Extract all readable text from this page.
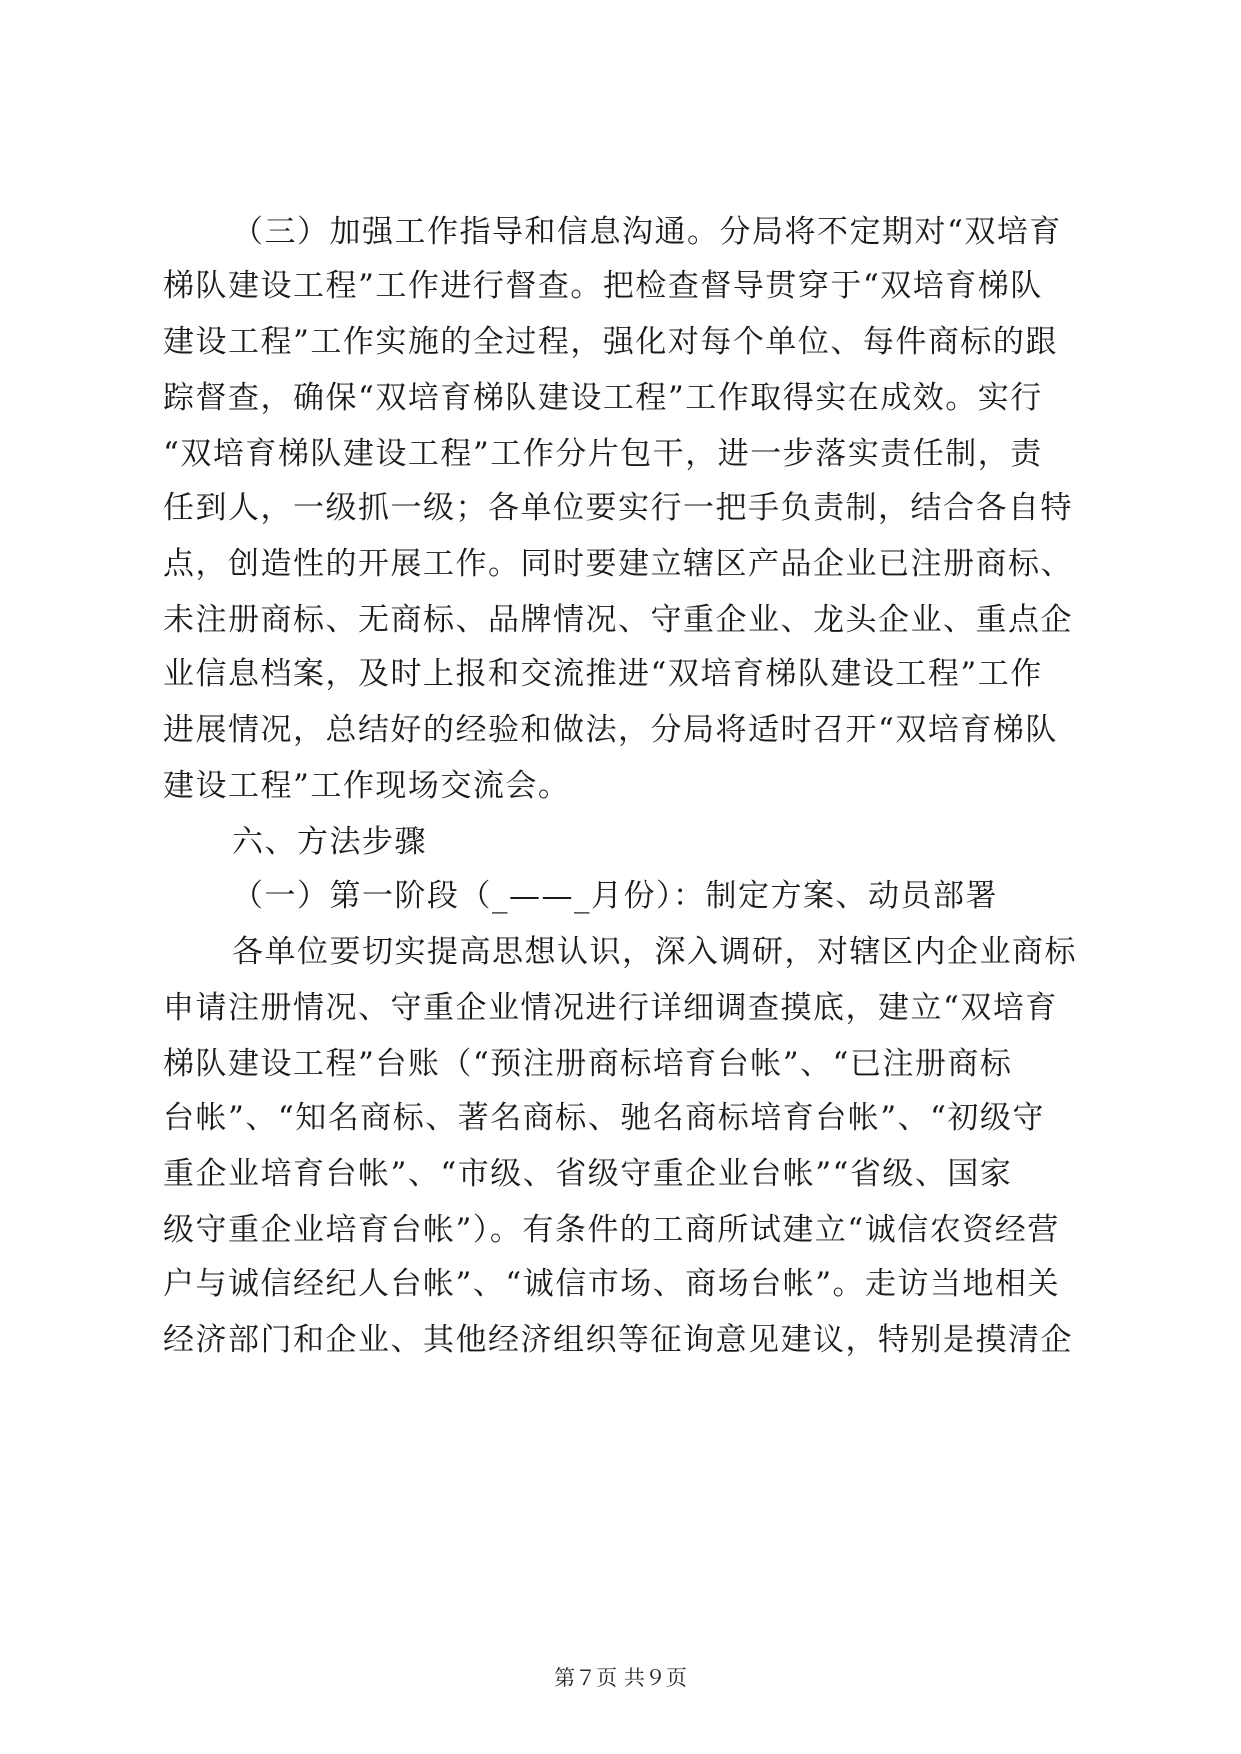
（三）加强工作指导和信息沟通。分局将不定期对“双培育
梯队建设工程”工作进行督查。把检查督导贯穿于“双培育梯队
建设工程”工作实施的全过程，强化对每个单位、每件商标的跟
踪督查，确保“双培育梯队建设工程”工作取得实在成效。实行
“双培育梯队建设工程”工作分片包干，进一步落实责任制，责
任到人，一级抓一级；各单位要实行一把手负责制，结合各自特
点，创造性的开展工作。同时要建立辖区产品企业已注册商标、
未注册商标、无商标、品牌情况、守重企业、龙头企业、重点企
业信息档案，及时上报和交流推进“双培育梯队建设工程”工作
进展情况，总结好的经验和做法，分局将适时召开“双培育梯队
建设工程”工作现场交流会。
六、方法步骤
（一）第一阶段（_——_月份）：制定方案、动员部署
各单位要切实提高思想认识，深入调研，对辖区内企业商标
申请注册情况、守重企业情况进行详细调查摸底，建立“双培育
梯队建设工程”台账（“预注册商标培育台帐”、“已注册商标
台帐”、“知名商标、著名商标、驰名商标培育台帐”、“初级守
重企业培育台帐”、“市级、省级守重企业台帐”“省级、国家
级守重企业培育台帐”）。有条件的工商所试建立“诚信农资经营
户与诚信经纪人台帐”、“诚信市场、商场台帐”。走访当地相关
经济部门和企业、其他经济组织等征询意见建议，特别是摸清企
第７页 共９页
